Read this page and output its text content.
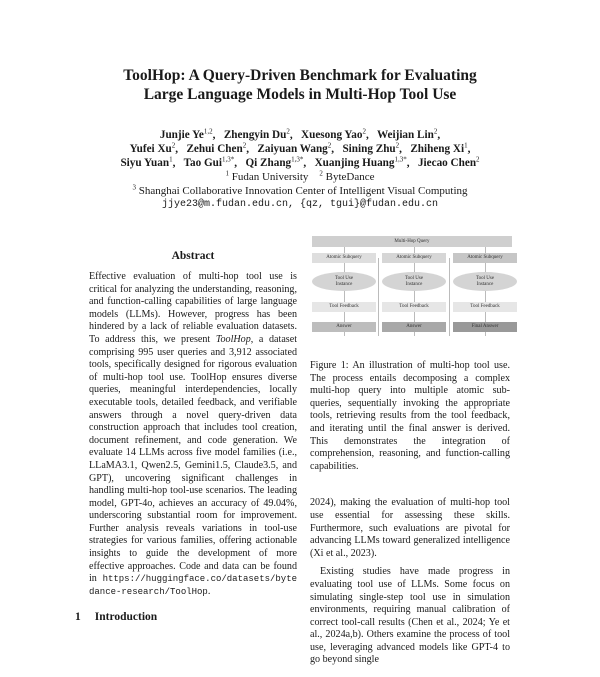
ToolHop: A Query-Driven Benchmark for Evaluating
Large Language Models in Multi-Hop Tool Use
Junjie Ye$^{1,2}$, Zhengyin Du$^2$, Xuesong Yao$^2$, Weijian Lin$^2$,
Yufei Xu$^2$, Zehui Chen$^2$, Zaiyuan Wang$^2$, Sining Zhu$^2$, Zhiheng Xi$^1$,
Siyu Yuan$^1$, Tao Gui$^{1,3*}$, Qi Zhang$^{1,3*}$, Xuanjing Huang$^{1,3*}$, Jiecao Chen$^2$
$^1$ Fudan University $^2$ ByteDance
$^3$ Shanghai Collaborative Innovation Center of Intelligent Visual Computing
jjye23@m.fudan.edu.cn, {qz, tgui}@fudan.edu.cn
Abstract
Effective evaluation of multi-hop tool use is critical for analyzing the understanding, reasoning, and function-calling capabilities of large language models (LLMs). However, progress has been hindered by a lack of reliable evaluation datasets. To address this, we present ToolHop, a dataset comprising 995 user queries and 3,912 associated tools, specifically designed for rigorous evaluation of multi-hop tool use. ToolHop ensures diverse queries, meaningful interdependencies, locally executable tools, detailed feedback, and verifiable answers through a novel query-driven data construction approach that includes tool creation, document refinement, and code generation. We evaluate 14 LLMs across five model families (i.e., LLaMA3.1, Qwen2.5, Gemini1.5, Claude3.5, and GPT), uncovering significant challenges in handling multi-hop tool-use scenarios. The leading model, GPT-4o, achieves an accuracy of 49.04%, underscoring substantial room for improvement. Further analysis reveals variations in tool-use strategies for various families, offering actionable insights to guide the development of more effective approaches. Code and data can be found in https://huggingface.co/datasets/bytedance-research/ToolHop.
1 Introduction
Multi-Hop Query
Atomic Subquery
Tool Use Instance
Tool Feedback
Answer
Atomic Subquery
Tool Use Instance
Tool Feedback
Answer
Atomic Subquery
Tool Use Instance
Tool Feedback
Final Answer
Figure 1: An illustration of multi-hop tool use. The process entails decomposing a complex multi-hop query into multiple atomic sub-queries, sequentially invoking the appropriate tools, retrieving results from the tool feedback, and iterating until the final answer is derived. This demonstrates the integration of comprehension, reasoning, and function-calling capabilities.

2024), making the evaluation of multi-hop tool use essential for assessing these skills. Furthermore, such evaluations are pivotal for advancing LLMs toward generalized intelligence (Xi et al., 2023).

Existing studies have made progress in evaluating tool use of LLMs. Some focus on simulating single-step tool use in simulation environments, requiring manual calibration of correct tool-call results (Chen et al., 2024; Ye et al., 2024a,b). Others examine the process of tool use, leveraging advanced models like GPT-4 to go beyond single
